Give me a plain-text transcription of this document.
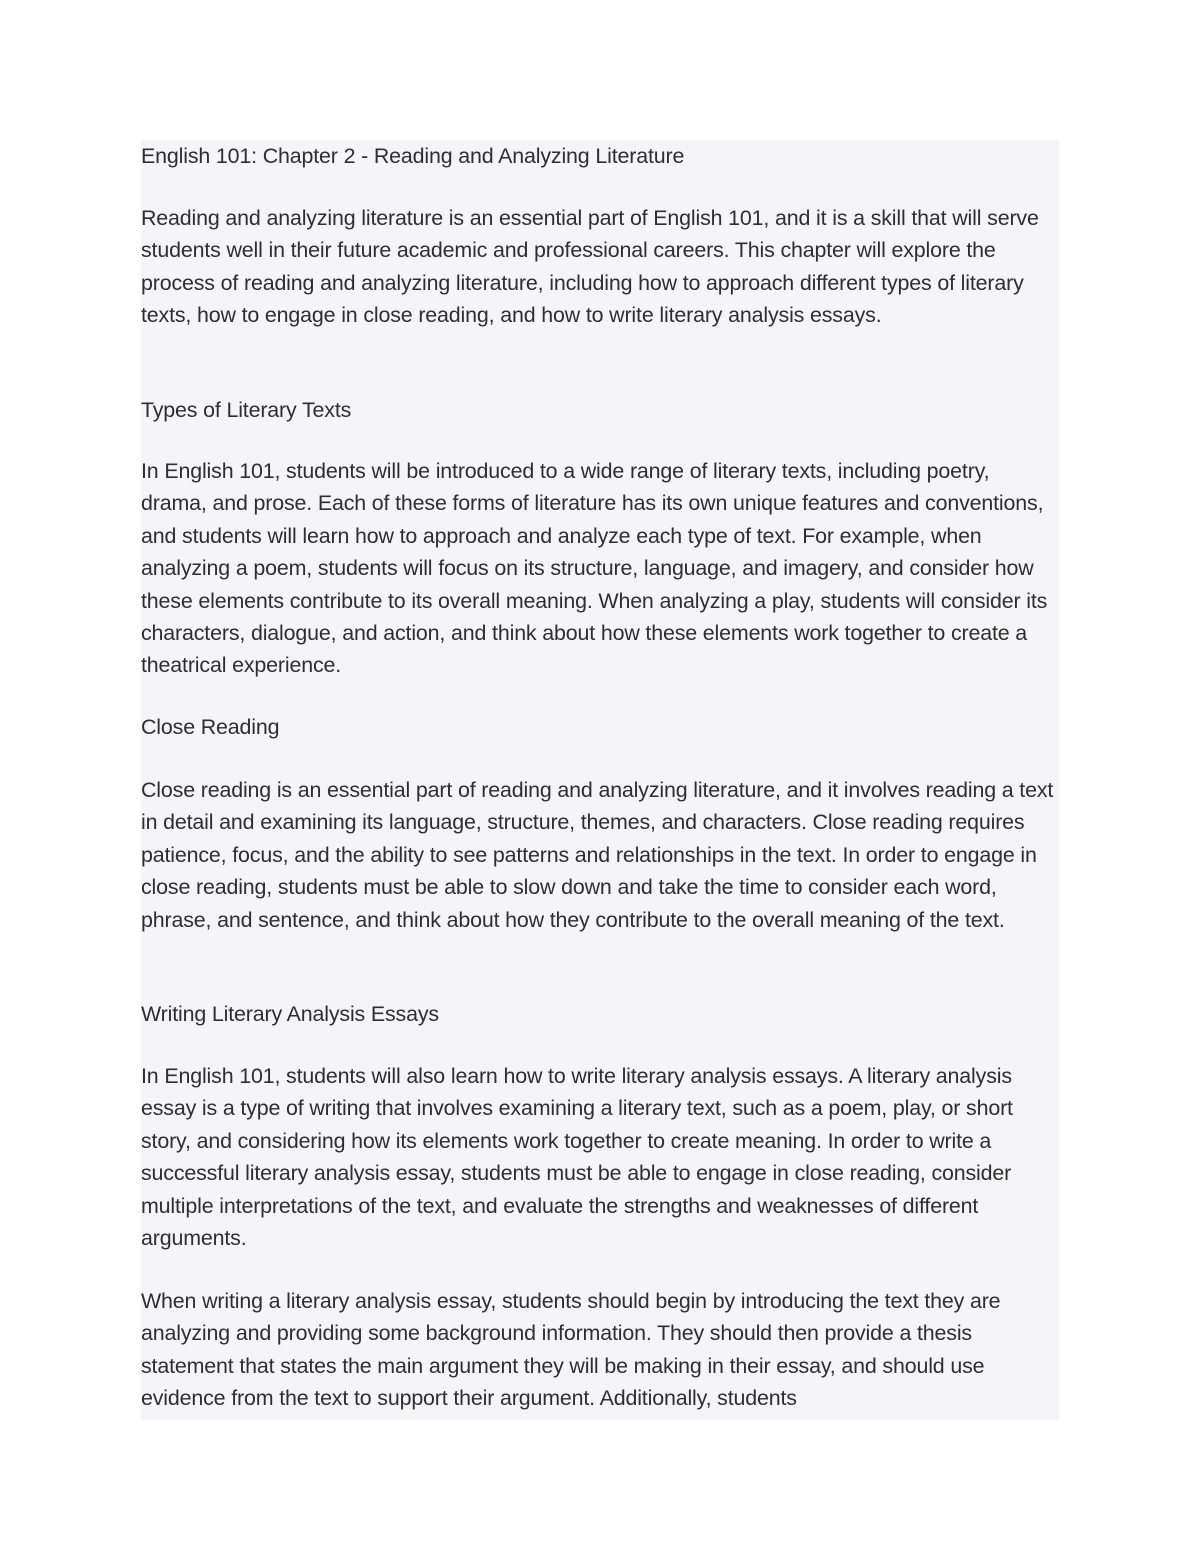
English 101: Chapter 2 - Reading and Analyzing Literature

Reading and analyzing literature is an essential part of English 101, and it is a skill that will serve students well in their future academic and professional careers. This chapter will explore the process of reading and analyzing literature, including how to approach different types of literary texts, how to engage in close reading, and how to write literary analysis essays.

Types of Literary Texts

In English 101, students will be introduced to a wide range of literary texts, including poetry, drama, and prose. Each of these forms of literature has its own unique features and conventions, and students will learn how to approach and analyze each type of text. For example, when analyzing a poem, students will focus on its structure, language, and imagery, and consider how these elements contribute to its overall meaning. When analyzing a play, students will consider its characters, dialogue, and action, and think about how these elements work together to create a theatrical experience.

Close Reading

Close reading is an essential part of reading and analyzing literature, and it involves reading a text in detail and examining its language, structure, themes, and characters. Close reading requires patience, focus, and the ability to see patterns and relationships in the text. In order to engage in close reading, students must be able to slow down and take the time to consider each word, phrase, and sentence, and think about how they contribute to the overall meaning of the text.

Writing Literary Analysis Essays

In English 101, students will also learn how to write literary analysis essays. A literary analysis essay is a type of writing that involves examining a literary text, such as a poem, play, or short story, and considering how its elements work together to create meaning. In order to write a successful literary analysis essay, students must be able to engage in close reading, consider multiple interpretations of the text, and evaluate the strengths and weaknesses of different arguments.

When writing a literary analysis essay, students should begin by introducing the text they are analyzing and providing some background information. They should then provide a thesis statement that states the main argument they will be making in their essay, and should use evidence from the text to support their argument. Additionally, students
